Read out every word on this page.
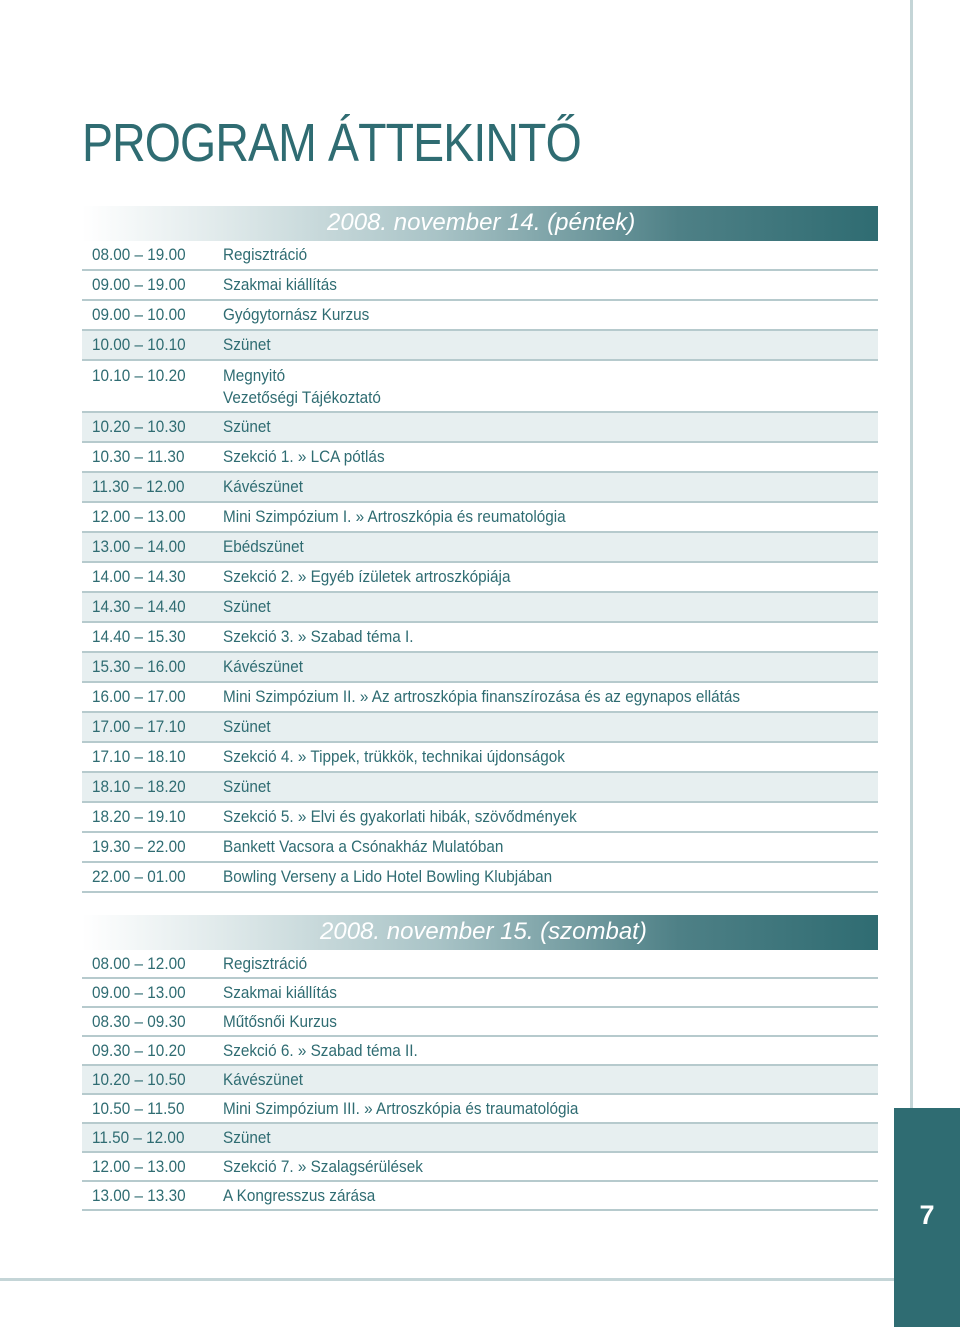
7
PROGRAM ÁTTEKINTŐ
2008. november 14. (péntek)
08.00 – 19.00 Regisztráció
09.00 – 19.00 Szakmai kiállítás
09.00 – 10.00 Gyógytornász Kurzus
10.00 – 10.10 Szünet
10.10 – 10.20 Megnyitó
Vezetőségi Tájékoztató
10.20 – 10.30 Szünet
10.30 – 11.30 Szekció 1. » LCA pótlás
11.30 – 12.00 Kávészünet
12.00 – 13.00 Mini Szimpózium I. » Artroszkópia és reumatológia
13.00 – 14.00 Ebédszünet
14.00 – 14.30 Szekció 2. » Egyéb ízületek artroszkópiája
14.30 – 14.40 Szünet
14.40 – 15.30 Szekció 3. » Szabad téma I.
15.30 – 16.00 Kávészünet
16.00 – 17.00 Mini Szimpózium II. » Az artroszkópia finanszírozása és az egynapos ellátás
17.00 – 17.10 Szünet
17.10 – 18.10 Szekció 4. » Tippek, trükkök, technikai újdonságok
18.10 – 18.20 Szünet
18.20 – 19.10 Szekció 5. » Elvi és gyakorlati hibák, szövődmények
19.30 – 22.00 Bankett Vacsora a Csónakház Mulatóban
22.00 – 01.00 Bowling Verseny a Lido Hotel Bowling Klubjában
2008. november 15. (szombat)
08.00 – 12.00 Regisztráció
09.00 – 13.00 Szakmai kiállítás
08.30 – 09.30 Műtősnői Kurzus
09.30 – 10.20 Szekció 6. » Szabad téma II.
10.20 – 10.50 Kávészünet
10.50 – 11.50 Mini Szimpózium III. » Artroszkópia és traumatológia
11.50 – 12.00 Szünet
12.00 – 13.00 Szekció 7. » Szalagsérülések
13.00 – 13.30 A Kongresszus zárása
